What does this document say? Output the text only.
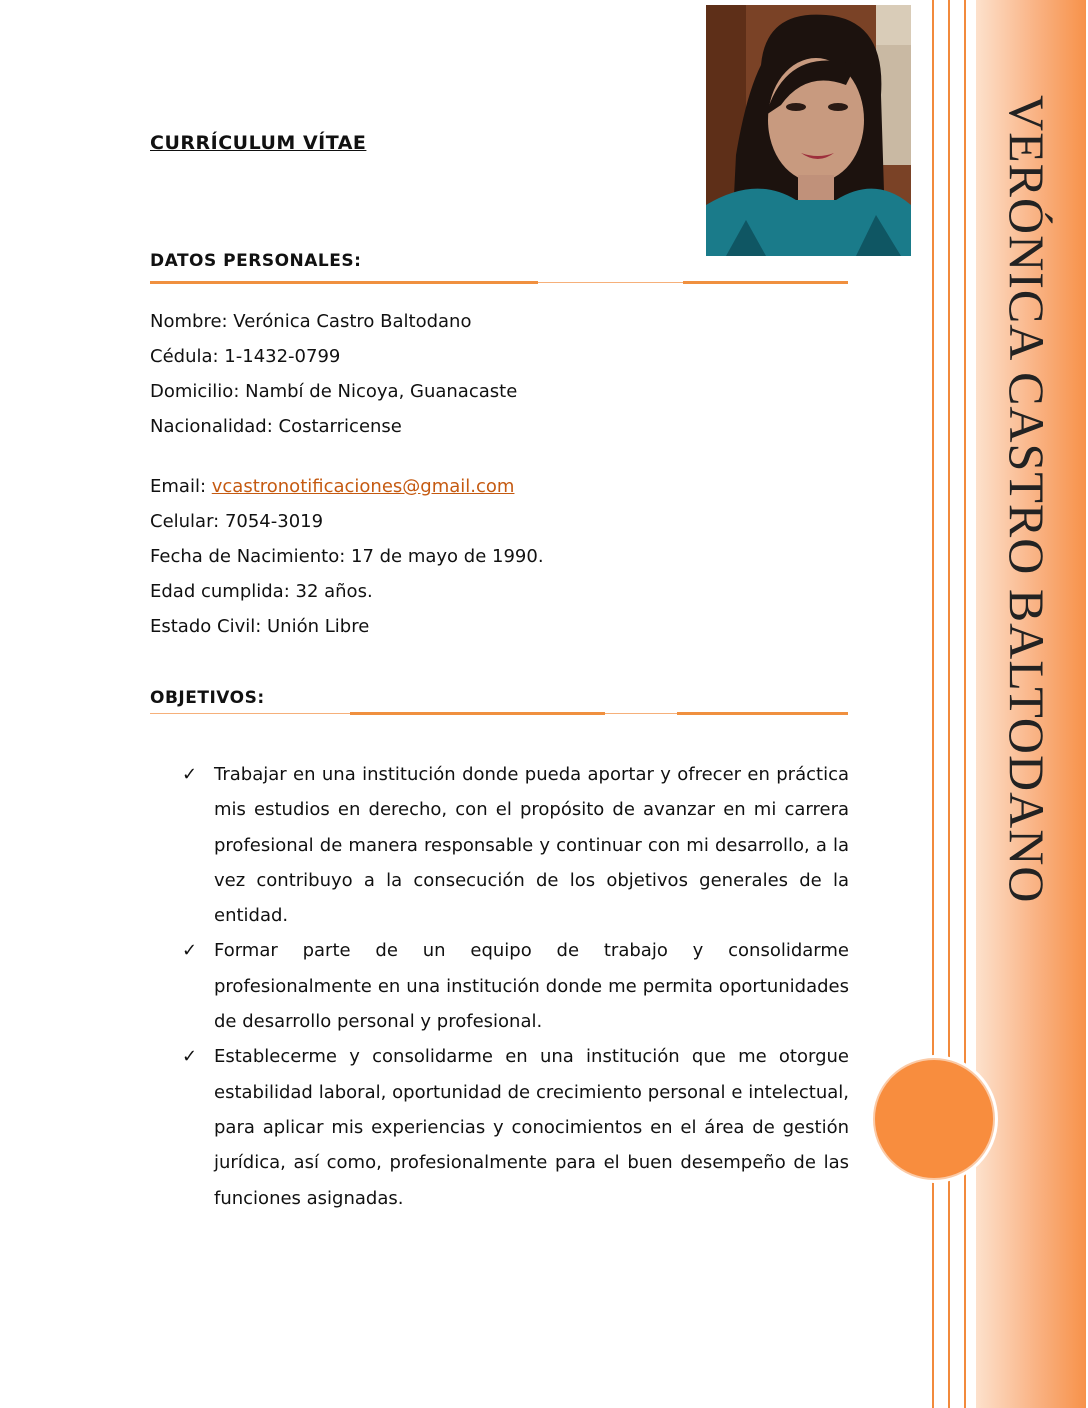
VERÓNICA CASTRO BALTODANO
CURRÍCULUM VÍTAE
DATOS PERSONALES:
Nombre: Verónica Castro Baltodano
Cédula: 1-1432-0799
Domicilio: Nambí de Nicoya, Guanacaste
Nacionalidad: Costarricense
Email: vcastronotificaciones@gmail.com
Celular: 7054-3019
Fecha de Nacimiento: 17 de mayo de 1990.
Edad cumplida: 32 años.
Estado Civil: Unión Libre
OBJETIVOS:
✓ Trabajar en una institución donde pueda aportar y ofrecer en práctica mis estudios en derecho, con el propósito de avanzar en mi carrera profesional de manera responsable y continuar con mi desarrollo, a la vez contribuyo a la consecución de los objetivos generales de la entidad.
✓ Formar parte de un equipo de trabajo y consolidarme profesionalmente en una institución donde me permita oportunidades de desarrollo personal y profesional.
✓ Establecerme y consolidarme en una institución que me otorgue estabilidad laboral, oportunidad de crecimiento personal e intelectual, para aplicar mis experiencias y conocimientos en el área de gestión jurídica, así como, profesionalmente para el buen desempeño de las funciones asignadas.
